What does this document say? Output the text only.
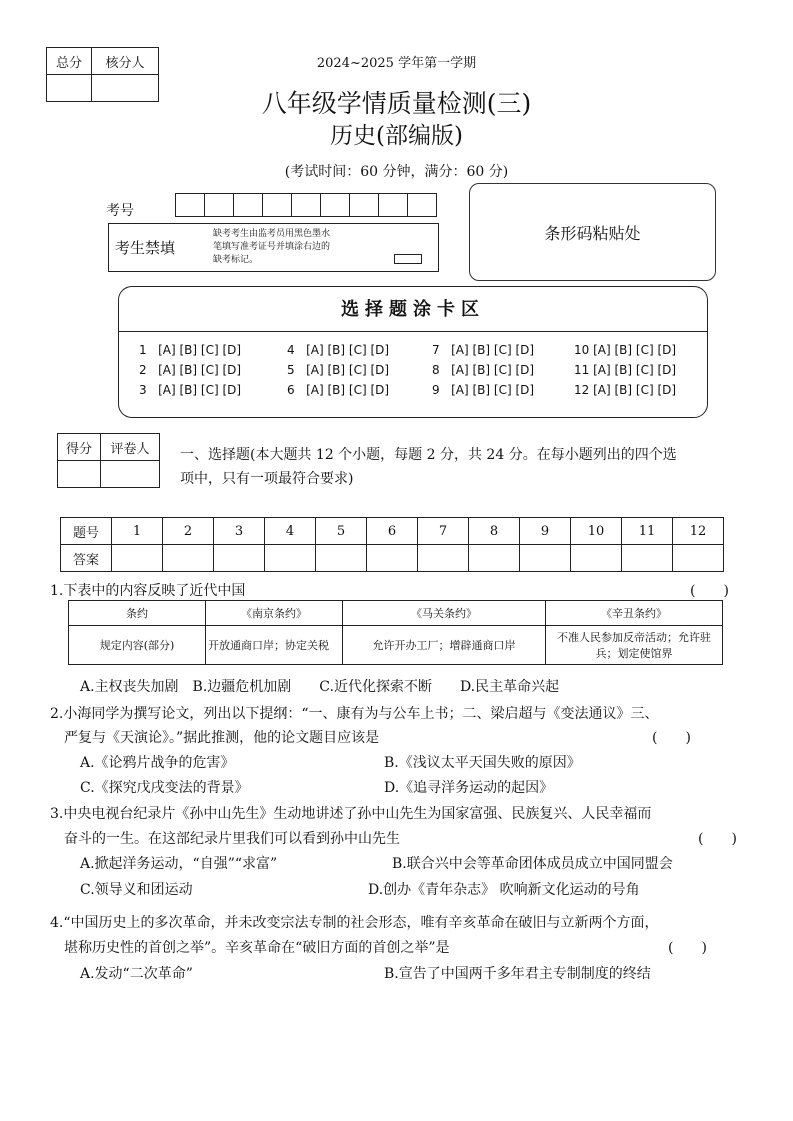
总分	核分人
		2024~2025 学年第一学期
八年级学情质量检测(三)
历史(部编版)
(考试时间：60 分钟，满分：60 分)
考号

考生禁填
缺考考生由监考员用黑色墨水
笔填写准考证号并填涂右边的
缺考标记。
条形码粘贴处
选择题涂卡区
1 [A] [B] [C] [D]
2 [A] [B] [C] [D]
3 [A] [B] [C] [D]
4 [A] [B] [C] [D]
5 [A] [B] [C] [D]
6 [A] [B] [C] [D]
7 [A] [B] [C] [D]
8 [A] [B] [C] [D]
9 [A] [B] [C] [D]
10 [A] [B] [C] [D]
11 [A] [B] [C] [D]
12 [A] [B] [C] [D]
得分	评卷人
	一、选择题(本大题共 12 个小题，每题 2 分，共 24 分。在每小题列出的四个选
项中，只有一项最符合要求)
题号	1	2	3	4	5	6	7	8	9	10	11	12
答案												
1.下表中的内容反映了近代中国	(　　)
条约	《南京条约》	《马关条约》	《辛丑条约》
规定内容(部分)	开放通商口岸；协定关税	允许开办工厂；增辟通商口岸	不准人民参加反帝活动；允许驻兵；划定使馆界
A.主权丧失加剧　B.边疆危机加剧　　C.近代化探索不断　　D.民主革命兴起
2.小海同学为撰写论文，列出以下提纲：“一、康有为与公车上书；二、梁启超与《变法通议》三、
严复与《天演论》。”据此推测，他的论文题目应该是	(　　)
A.《论鸦片战争的危害》	B.《浅议太平天国失败的原因》
C.《探究戊戌变法的背景》	D.《追寻洋务运动的起因》
3.中央电视台纪录片《孙中山先生》生动地讲述了孙中山先生为国家富强、民族复兴、人民幸福而
奋斗的一生。在这部纪录片里我们可以看到孙中山先生	(　　)
A.掀起洋务运动，“自强”“求富”	B.联合兴中会等革命团体成员成立中国同盟会
C.领导义和团运动	D.创办《青年杂志》 吹响新文化运动的号角
4.“中国历史上的多次革命，并未改变宗法专制的社会形态，唯有辛亥革命在破旧与立新两个方面，
堪称历史性的首创之举”。辛亥革命在“破旧方面的首创之举”是	(　　)
A.发动“二次革命”	B.宣告了中国两千多年君主专制制度的终结
